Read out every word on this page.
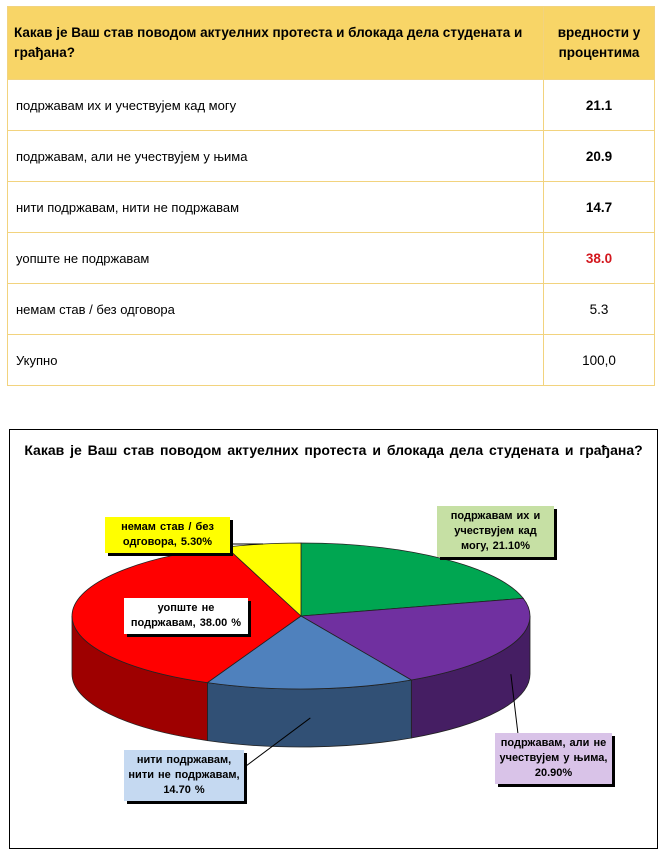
Какав је Ваш став поводом актуелних протеста и блокада дела студената и грађана?	вредности у процентима
подржавам их и учествујем кад могу	21.1
подржавам, али не учествујем у њима	20.9
нити подржавам, нити не подржавам	14.7
уопште не подржавам	38.0
немам став / без одговора	5.3
Укупно	100,0
Какав је Ваш став поводом актуелних протеста и блокада дела студената и грађана?
подржавам их и учествујем кад могу, 21.10%
подржавам, али не учествујем у њима, 20.90%
нити подржавам, нити не подржавам, 14.70 %
уопште не подржавам, 38.00 %
немам став / без одговора, 5.30%
